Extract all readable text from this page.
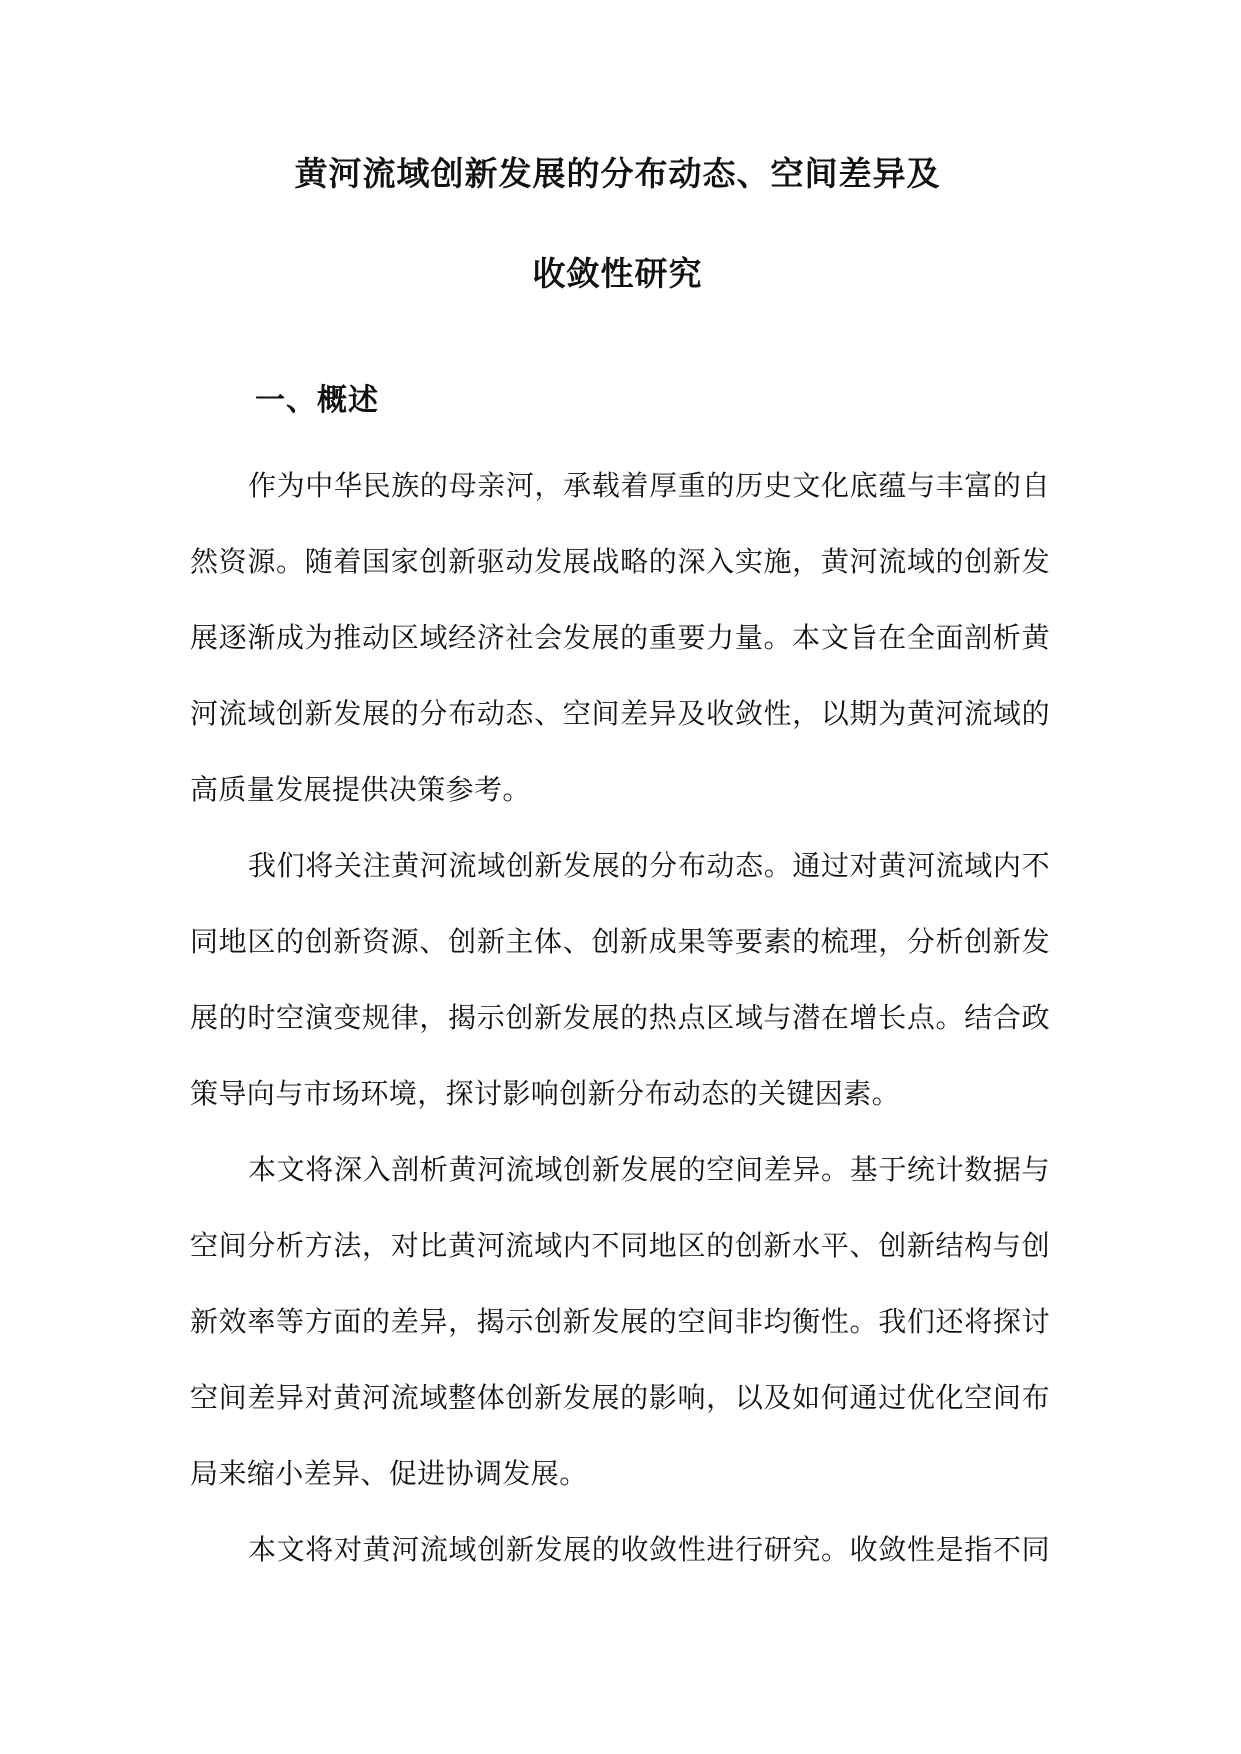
黄河流域创新发展的分布动态、空间差异及
收敛性研究
一、概述
作为中华民族的母亲河，承载着厚重的历史文化底蕴与丰富的自
然资源。随着国家创新驱动发展战略的深入实施，黄河流域的创新发
展逐渐成为推动区域经济社会发展的重要力量。本文旨在全面剖析黄
河流域创新发展的分布动态、空间差异及收敛性，以期为黄河流域的
高质量发展提供决策参考。
我们将关注黄河流域创新发展的分布动态。通过对黄河流域内不
同地区的创新资源、创新主体、创新成果等要素的梳理，分析创新发
展的时空演变规律，揭示创新发展的热点区域与潜在增长点。结合政
策导向与市场环境，探讨影响创新分布动态的关键因素。
本文将深入剖析黄河流域创新发展的空间差异。基于统计数据与
空间分析方法，对比黄河流域内不同地区的创新水平、创新结构与创
新效率等方面的差异，揭示创新发展的空间非均衡性。我们还将探讨
空间差异对黄河流域整体创新发展的影响，以及如何通过优化空间布
局来缩小差异、促进协调发展。
本文将对黄河流域创新发展的收敛性进行研究。收敛性是指不同
